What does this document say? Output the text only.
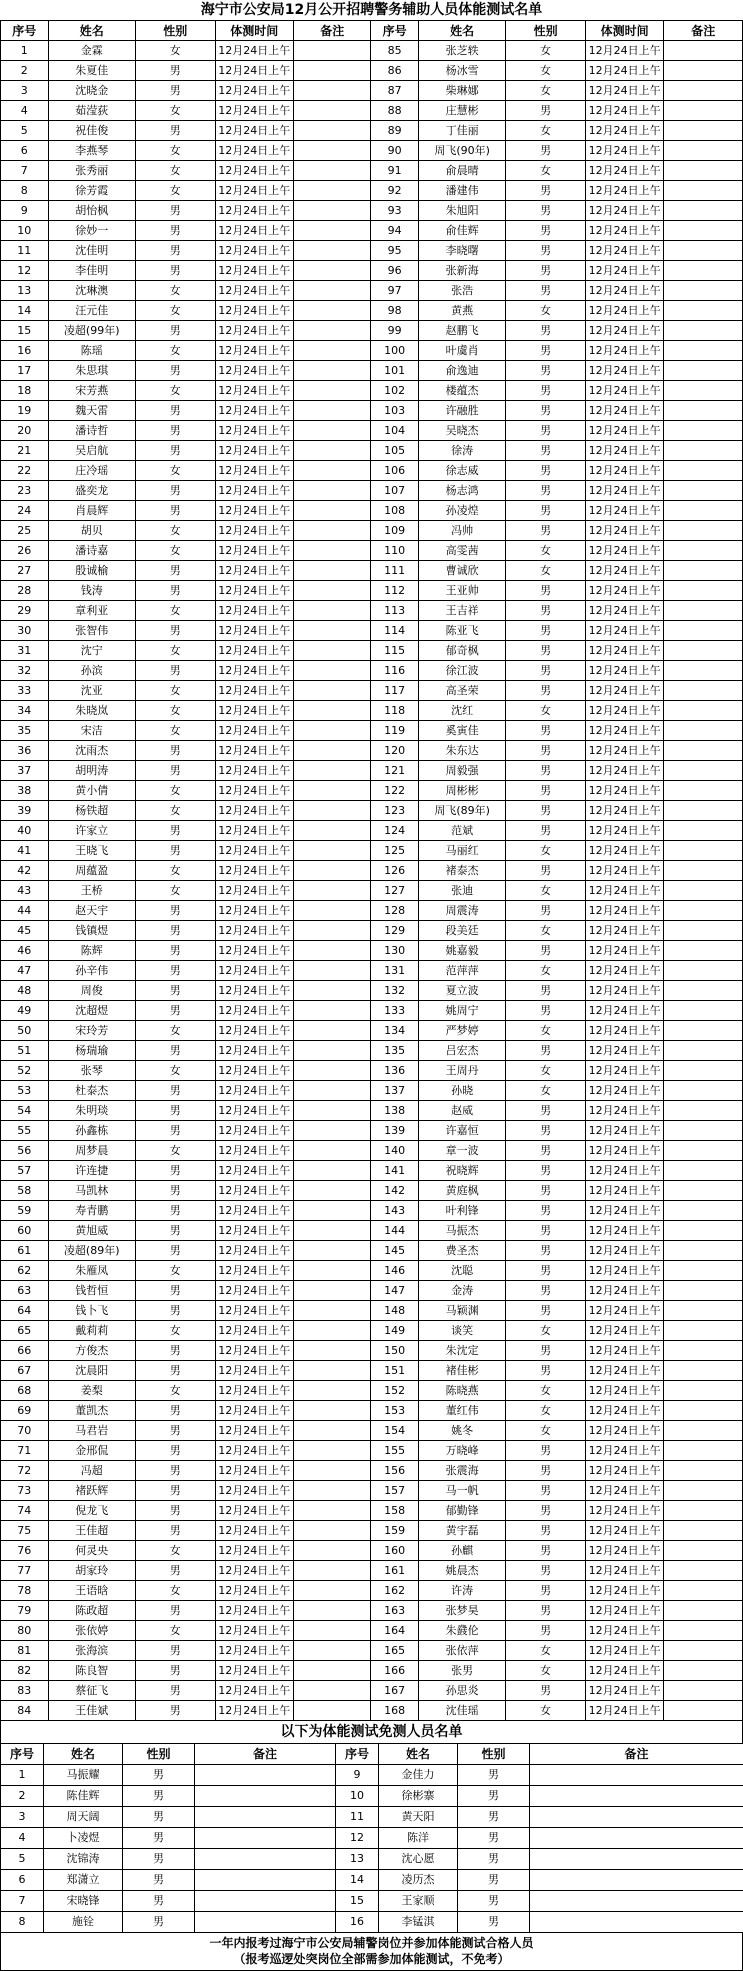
海宁市公安局12月公开招聘警务辅助人员体能测试名单
序号	姓名	性别	体测时间	备注	序号	姓名	性别	体测时间	备注
1	金霖	女	12月24日上午		85	张芝轶	女	12月24日上午	
2	朱夏佳	男	12月24日上午		86	杨冰雪	女	12月24日上午	
3	沈晓金	男	12月24日上午		87	柴琳娜	女	12月24日上午	
4	茹滢荻	女	12月24日上午		88	庄慧彬	男	12月24日上午	
5	祝佳俊	男	12月24日上午		89	丁佳丽	女	12月24日上午	
6	李燕琴	女	12月24日上午		90	周飞(90年)	男	12月24日上午	
7	张秀丽	女	12月24日上午		91	俞晨晴	女	12月24日上午	
8	徐芳霞	女	12月24日上午		92	潘建伟	男	12月24日上午	
9	胡怡枫	男	12月24日上午		93	朱旭阳	男	12月24日上午	
10	徐妙一	男	12月24日上午		94	俞佳辉	男	12月24日上午	
11	沈佳明	男	12月24日上午		95	李晓曙	男	12月24日上午	
12	李佳明	男	12月24日上午		96	张新海	男	12月24日上午	
13	沈琳澳	女	12月24日上午		97	张浩	男	12月24日上午	
14	汪元佳	女	12月24日上午		98	黄燕	女	12月24日上午	
15	凌超(99年)	男	12月24日上午		99	赵鹏飞	男	12月24日上午	
16	陈瑶	女	12月24日上午		100	叶虞肖	男	12月24日上午	
17	朱思琪	男	12月24日上午		101	俞逸迪	男	12月24日上午	
18	宋芳燕	女	12月24日上午		102	楼蕴杰	男	12月24日上午	
19	魏天雷	男	12月24日上午		103	许融胜	男	12月24日上午	
20	潘诗哲	男	12月24日上午		104	吴晓杰	男	12月24日上午	
21	吴启航	男	12月24日上午		105	徐涛	男	12月24日上午	
22	庄冷瑶	女	12月24日上午		106	徐志威	男	12月24日上午	
23	盛奕龙	男	12月24日上午		107	杨志鸿	男	12月24日上午	
24	肖晨辉	男	12月24日上午		108	孙凌煌	男	12月24日上午	
25	胡贝	女	12月24日上午		109	冯帅	男	12月24日上午	
26	潘诗嘉	女	12月24日上午		110	高雯茜	女	12月24日上午	
27	殷诚榆	男	12月24日上午		111	曹诚欣	女	12月24日上午	
28	钱涛	男	12月24日上午		112	王亚帅	男	12月24日上午	
29	章利亚	女	12月24日上午		113	王吉祥	男	12月24日上午	
30	张智伟	男	12月24日上午		114	陈亚飞	男	12月24日上午	
31	沈宁	女	12月24日上午		115	郁奇枫	男	12月24日上午	
32	孙滨	男	12月24日上午		116	徐江波	男	12月24日上午	
33	沈亚	女	12月24日上午		117	高圣荣	男	12月24日上午	
34	朱晓岚	女	12月24日上午		118	沈红	女	12月24日上午	
35	宋洁	女	12月24日上午		119	奚寅佳	男	12月24日上午	
36	沈雨杰	男	12月24日上午		120	朱东达	男	12月24日上午	
37	胡明涛	男	12月24日上午		121	周毅强	男	12月24日上午	
38	黄小倩	女	12月24日上午		122	周彬彬	男	12月24日上午	
39	杨铁超	女	12月24日上午		123	周飞(89年)	男	12月24日上午	
40	许家立	男	12月24日上午		124	范斌	男	12月24日上午	
41	王晓飞	男	12月24日上午		125	马丽红	女	12月24日上午	
42	周蕴盈	女	12月24日上午		126	褚泰杰	男	12月24日上午	
43	王桥	女	12月24日上午		127	张迪	女	12月24日上午	
44	赵天宇	男	12月24日上午		128	周震涛	男	12月24日上午	
45	钱镇煜	男	12月24日上午		129	段美廷	女	12月24日上午	
46	陈辉	男	12月24日上午		130	姚嘉毅	男	12月24日上午	
47	孙辛伟	男	12月24日上午		131	范萍萍	女	12月24日上午	
48	周俊	男	12月24日上午		132	夏立波	男	12月24日上午	
49	沈超煜	男	12月24日上午		133	姚周宁	男	12月24日上午	
50	宋玲芳	女	12月24日上午		134	严梦婷	女	12月24日上午	
51	杨瑞瑜	男	12月24日上午		135	吕宏杰	男	12月24日上午	
52	张琴	女	12月24日上午		136	王周丹	女	12月24日上午	
53	杜泰杰	男	12月24日上午		137	孙晓	女	12月24日上午	
54	朱明琰	男	12月24日上午		138	赵威	男	12月24日上午	
55	孙鑫栋	男	12月24日上午		139	许嘉恒	男	12月24日上午	
56	周梦晨	女	12月24日上午		140	章一波	男	12月24日上午	
57	许连捷	男	12月24日上午		141	祝晓辉	男	12月24日上午	
58	马凯林	男	12月24日上午		142	黄庭枫	男	12月24日上午	
59	寿青鹏	男	12月24日上午		143	叶利锋	男	12月24日上午	
60	黄旭威	男	12月24日上午		144	马振杰	男	12月24日上午	
61	凌超(89年)	男	12月24日上午		145	费圣杰	男	12月24日上午	
62	朱雁凤	女	12月24日上午		146	沈聪	男	12月24日上午	
63	钱哲恒	男	12月24日上午		147	金涛	男	12月24日上午	
64	钱卜飞	男	12月24日上午		148	马颖渊	男	12月24日上午	
65	戴莉莉	女	12月24日上午		149	谈笑	女	12月24日上午	
66	方俊杰	男	12月24日上午		150	朱沈定	男	12月24日上午	
67	沈晨阳	男	12月24日上午		151	褚佳彬	男	12月24日上午	
68	姜梨	女	12月24日上午		152	陈晓燕	女	12月24日上午	
69	董凯杰	男	12月24日上午		153	董红伟	女	12月24日上午	
70	马君岩	男	12月24日上午		154	姚冬	女	12月24日上午	
71	金邢侃	男	12月24日上午		155	万晓峰	男	12月24日上午	
72	冯超	男	12月24日上午		156	张震海	男	12月24日上午	
73	褚跃辉	男	12月24日上午		157	马一帆	男	12月24日上午	
74	倪龙飞	男	12月24日上午		158	郁勤锋	男	12月24日上午	
75	王佳超	男	12月24日上午		159	黄宇磊	男	12月24日上午	
76	何灵央	女	12月24日上午		160	孙麒	男	12月24日上午	
77	胡家玲	男	12月24日上午		161	姚晨杰	男	12月24日上午	
78	王语晗	女	12月24日上午		162	许涛	男	12月24日上午	
79	陈政超	男	12月24日上午		163	张梦昊	男	12月24日上午	
80	张依婷	女	12月24日上午		164	朱鼗伦	男	12月24日上午	
81	张海滨	男	12月24日上午		165	张依萍	女	12月24日上午	
82	陈良智	男	12月24日上午		166	张男	女	12月24日上午	
83	蔡征飞	男	12月24日上午		167	孙思炎	男	12月24日上午	
84	王佳斌	男	12月24日上午		168	沈佳瑶	女	12月24日上午	
以下为体能测试免测人员名单
序号	姓名	性别	备注	序号	姓名	性别	备注
1	马振耀	男		9	金佳力	男	
2	陈佳辉	男		10	徐彬寨	男	
3	周天阔	男		11	黄天阳	男	
4	卜凌煜	男		12	陈洋	男	
5	沈锦涛	男		13	沈心愿	男	
6	郑潇立	男		14	凌历杰	男	
7	宋晓锋	男		15	王家顺	男	
8	施铨	男		16	李锰淇	男	
一年内报考过海宁市公安局辅警岗位并参加体能测试合格人员
（报考巡逻处突岗位全部需参加体能测试，不免考）
